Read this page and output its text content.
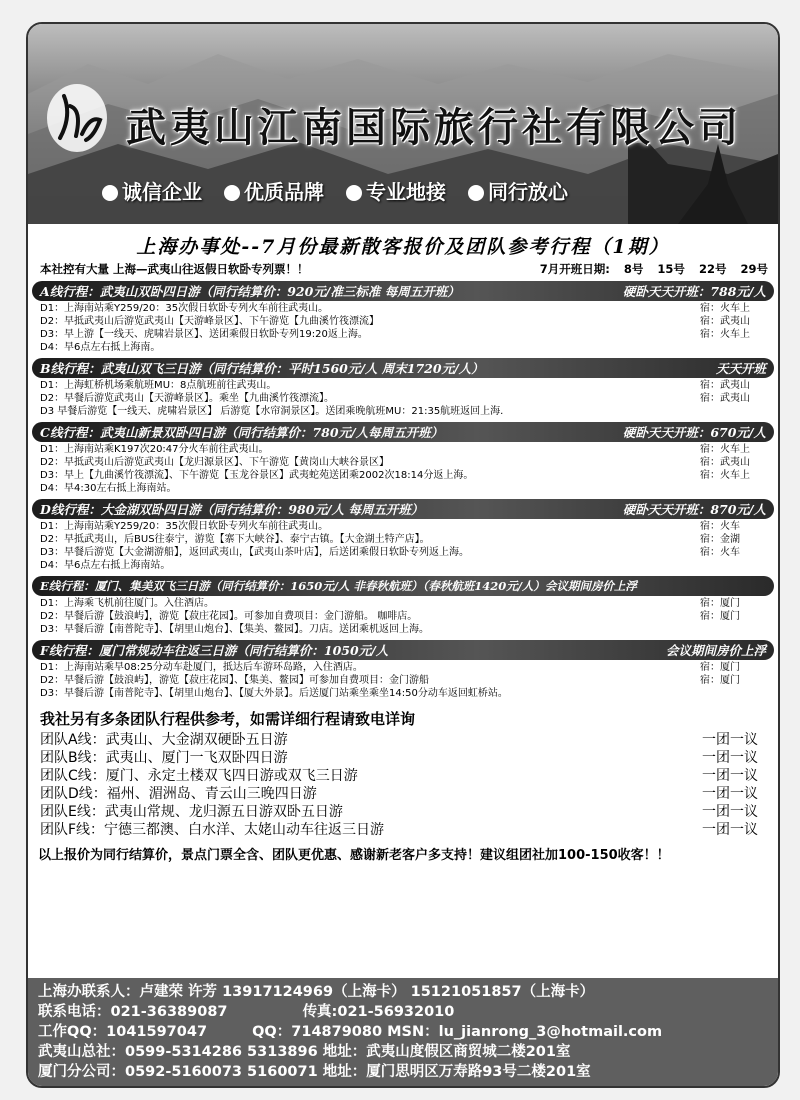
武夷山江南国际旅行社有限公司
诚信企业	优质品牌	专业地接	同行放心
上海办事处--7月份最新散客报价及团队参考行程（1期）
本社控有大量 上海—武夷山往返假日软卧专列票！！	7月开班日期: 8号 15号 22号 29号
A线行程：武夷山双卧四日游（同行结算价：920元/准三标准 每周五开班）	硬卧天天开班：788元/人
D1：上海南站乘Y259/20：35次假日软卧专列火车前往武夷山。	宿：火车上
D2：早抵武夷山后游览武夷山【天游峰景区】、下午游览【九曲溪竹筏漂流】	宿：武夷山
D3：早上游【一线天、虎啸岩景区】、送团乘假日软卧专列19:20返上海。	宿：火车上
D4：早6点左右抵上海南。
B线行程：武夷山双飞三日游（同行结算价：平时1560元/人 周末1720元/人）	天天开班
D1：上海虹桥机场乘航班MU：8点航班前往武夷山。	宿：武夷山
D2：早餐后游览武夷山【天游峰景区】。乘坐【九曲溪竹筏漂流】。	宿：武夷山
D3 早餐后游览【一线天、虎啸岩景区】 后游览【水帘洞景区】。送团乘晚航班MU：21:35航班返回上海.
C线行程：武夷山新景双卧四日游（同行结算价：780元/人每周五开班）	硬卧天天开班：670元/人
D1：上海南站乘K197次20:47分火车前往武夷山。	宿：火车上
D2：早抵武夷山后游览武夷山【龙归源景区】、下午游览【黄岗山大峡谷景区】	宿：武夷山
D3：早上【九曲溪竹筏漂流】、下午游览【玉龙谷景区】武夷蛇苑送团乘2002次18:14分返上海。	宿：火车上
D4：早4:30左右抵上海南站。
D线行程：大金湖双卧四日游（同行结算价：980元/人 每周五开班）	硬卧天天开班：870元/人
D1：上海南站乘Y259/20：35次假日软卧专列火车前往武夷山。	宿：火车
D2：早抵武夷山，后BUS往泰宁，游览【寨下大峡谷】、泰宁古镇。【大金湖土特产店】。	宿：金湖
D3：早餐后游览【大金湖游船】，返回武夷山，【武夷山茶叶店】，后送团乘假日软卧专列返上海。	宿：火车
D4：早6点左右抵上海南站。
E线行程：厦门、集美双飞三日游（同行结算价：1650元/人 非春秋航班）（春秋航班1420元/人）会议期间房价上浮
D1：上海乘飞机前往厦门。入住酒店。	宿：厦门
D2：早餐后游【鼓浪屿】，游览【菽庄花园】。可参加自费项目：金门游船。 咖啡店。	宿：厦门
D3：早餐后游【南普陀寺】、【胡里山炮台】、【集美、鳌园】。刀店。送团乘机返回上海。
F线行程：厦门常规动车往返三日游（同行结算价：1050元/人	会议期间房价上浮
D1：上海南站乘早08:25分动车赴厦门，抵达后车游环岛路，入住酒店。	宿：厦门
D2：早餐后游【鼓浪屿】，游览【菽庄花园】、【集美、鳌园】可参加自费项目：金门游船	宿：厦门
D3：早餐后游【南普陀寺】、【胡里山炮台】、【厦大外景】。后送厦门站乘坐乘坐14:50分动车返回虹桥站。
我社另有多条团队行程供参考，如需详细行程请致电详询
团队A线：武夷山、大金湖双硬卧五日游	一团一议
团队B线：武夷山、厦门一飞双卧四日游	一团一议
团队C线：厦门、永定土楼双飞四日游或双飞三日游	一团一议
团队D线：福州、湄洲岛、青云山三晚四日游	一团一议
团队E线：武夷山常规、龙归源五日游双卧五日游	一团一议
团队F线：宁德三都澳、白水洋、太姥山动车往返三日游	一团一议
以上报价为同行结算价，景点门票全含、团队更优惠、感谢新老客户多支持！建议组团社加100-150收客！！
上海办联系人：卢建荣 许芳 13917124969（上海卡） 15121051857（上海卡）
联系电话：021-36389087	传真:021-56932010
工作QQ：1041597047	QQ：714879080 MSN：lu_jianrong_3@hotmail.com
武夷山总社：0599-5314286 5313896 地址：武夷山度假区商贸城二楼201室
厦门分公司：0592-5160073 5160071 地址：厦门思明区万寿路93号二楼201室
